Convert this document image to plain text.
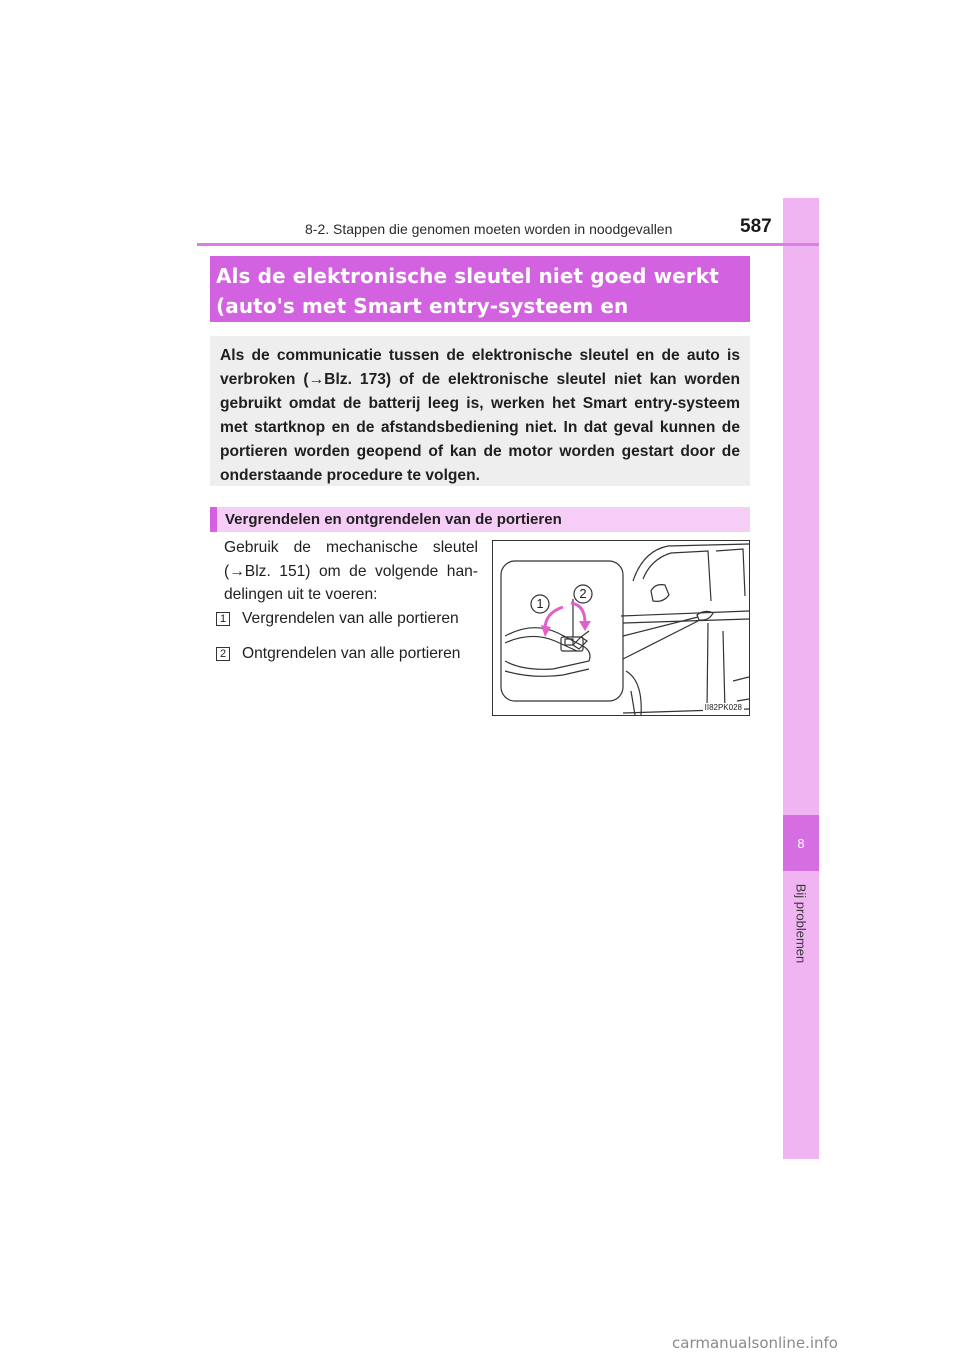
8
Bij problemen
8-2. Stappen die genomen moeten worden in noodgevallen	587
Als de elektronische sleutel niet goed werkt (auto's met Smart entry-systeem en
Als de communicatie tussen de elektronische sleutel en de auto is verbroken (→Blz. 173) of de elektronische sleutel niet kan worden gebruikt omdat de batterij leeg is, werken het Smart entry-systeem met startknop en de afstandsbediening niet. In dat geval kunnen de portieren worden geopend of kan de motor worden gestart door de onderstaande procedure te volgen.
Vergrendelen en ontgrendelen van de portieren
Gebruik de mechanische sleutel (→Blz. 151) om de volgende han-delingen uit te voeren:
1 Vergrendelen van alle portieren
2 Ontgrendelen van alle portieren
1
2
II82PK028
carmanualsonline.info
